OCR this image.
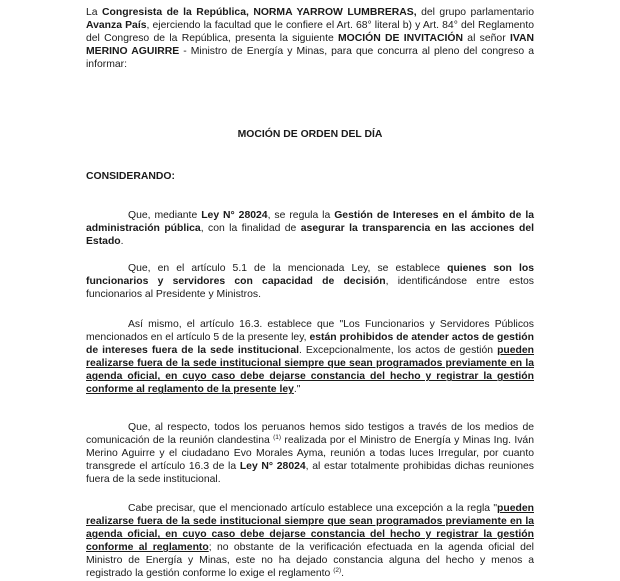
La Congresista de la República, NORMA YARROW LUMBRERAS, del grupo parlamentario Avanza País, ejerciendo la facultad que le confiere el Art. 68° literal b) y Art. 84° del Reglamento del Congreso de la República, presenta la siguiente MOCIÓN DE INVITACIÓN al señor IVAN MERINO AGUIRRE - Ministro de Energía y Minas, para que concurra al pleno del congreso a informar:

MOCIÓN DE ORDEN DEL DÍA
CONSIDERANDO:

Que, mediante Ley N° 28024, se regula la Gestión de Intereses en el ámbito de la administración pública, con la finalidad de asegurar la transparencia en las acciones del Estado.

Que, en el artículo 5.1 de la mencionada Ley, se establece quienes son los funcionarios y servidores con capacidad de decisión, identificándose entre estos funcionarios al Presidente y Ministros.

Así mismo, el artículo 16.3. establece que "Los Funcionarios y Servidores Públicos mencionados en el artículo 5 de la presente ley, están prohibidos de atender actos de gestión de intereses fuera de la sede institucional. Excepcionalmente, los actos de gestión pueden realizarse fuera de la sede institucional siempre que sean programados previamente en la agenda oficial, en cuyo caso debe dejarse constancia del hecho y registrar la gestión conforme al reglamento de la presente ley."

Que, al respecto, todos los peruanos hemos sido testigos a través de los medios de comunicación de la reunión clandestina $^{(1)}$ realizada por el Ministro de Energía y Minas Ing. Iván Merino Aguirre y el ciudadano Evo Morales Ayma, reunión a todas luces Irregular, por cuanto transgrede el artículo 16.3 de la Ley N° 28024, al estar totalmente prohibidas dichas reuniones fuera de la sede institucional.

Cabe precisar, que el mencionado artículo establece una excepción a la regla "pueden realizarse fuera de la sede institucional siempre que sean programados previamente en la agenda oficial, en cuyo caso debe dejarse constancia del hecho y registrar la gestión conforme al reglamento; no obstante de la verificación efectuada en la agenda oficial del Ministro de Energía y Minas, este no ha dejado constancia alguna del hecho y menos a registrado la gestión conforme lo exige el reglamento $^{(2)}$.
